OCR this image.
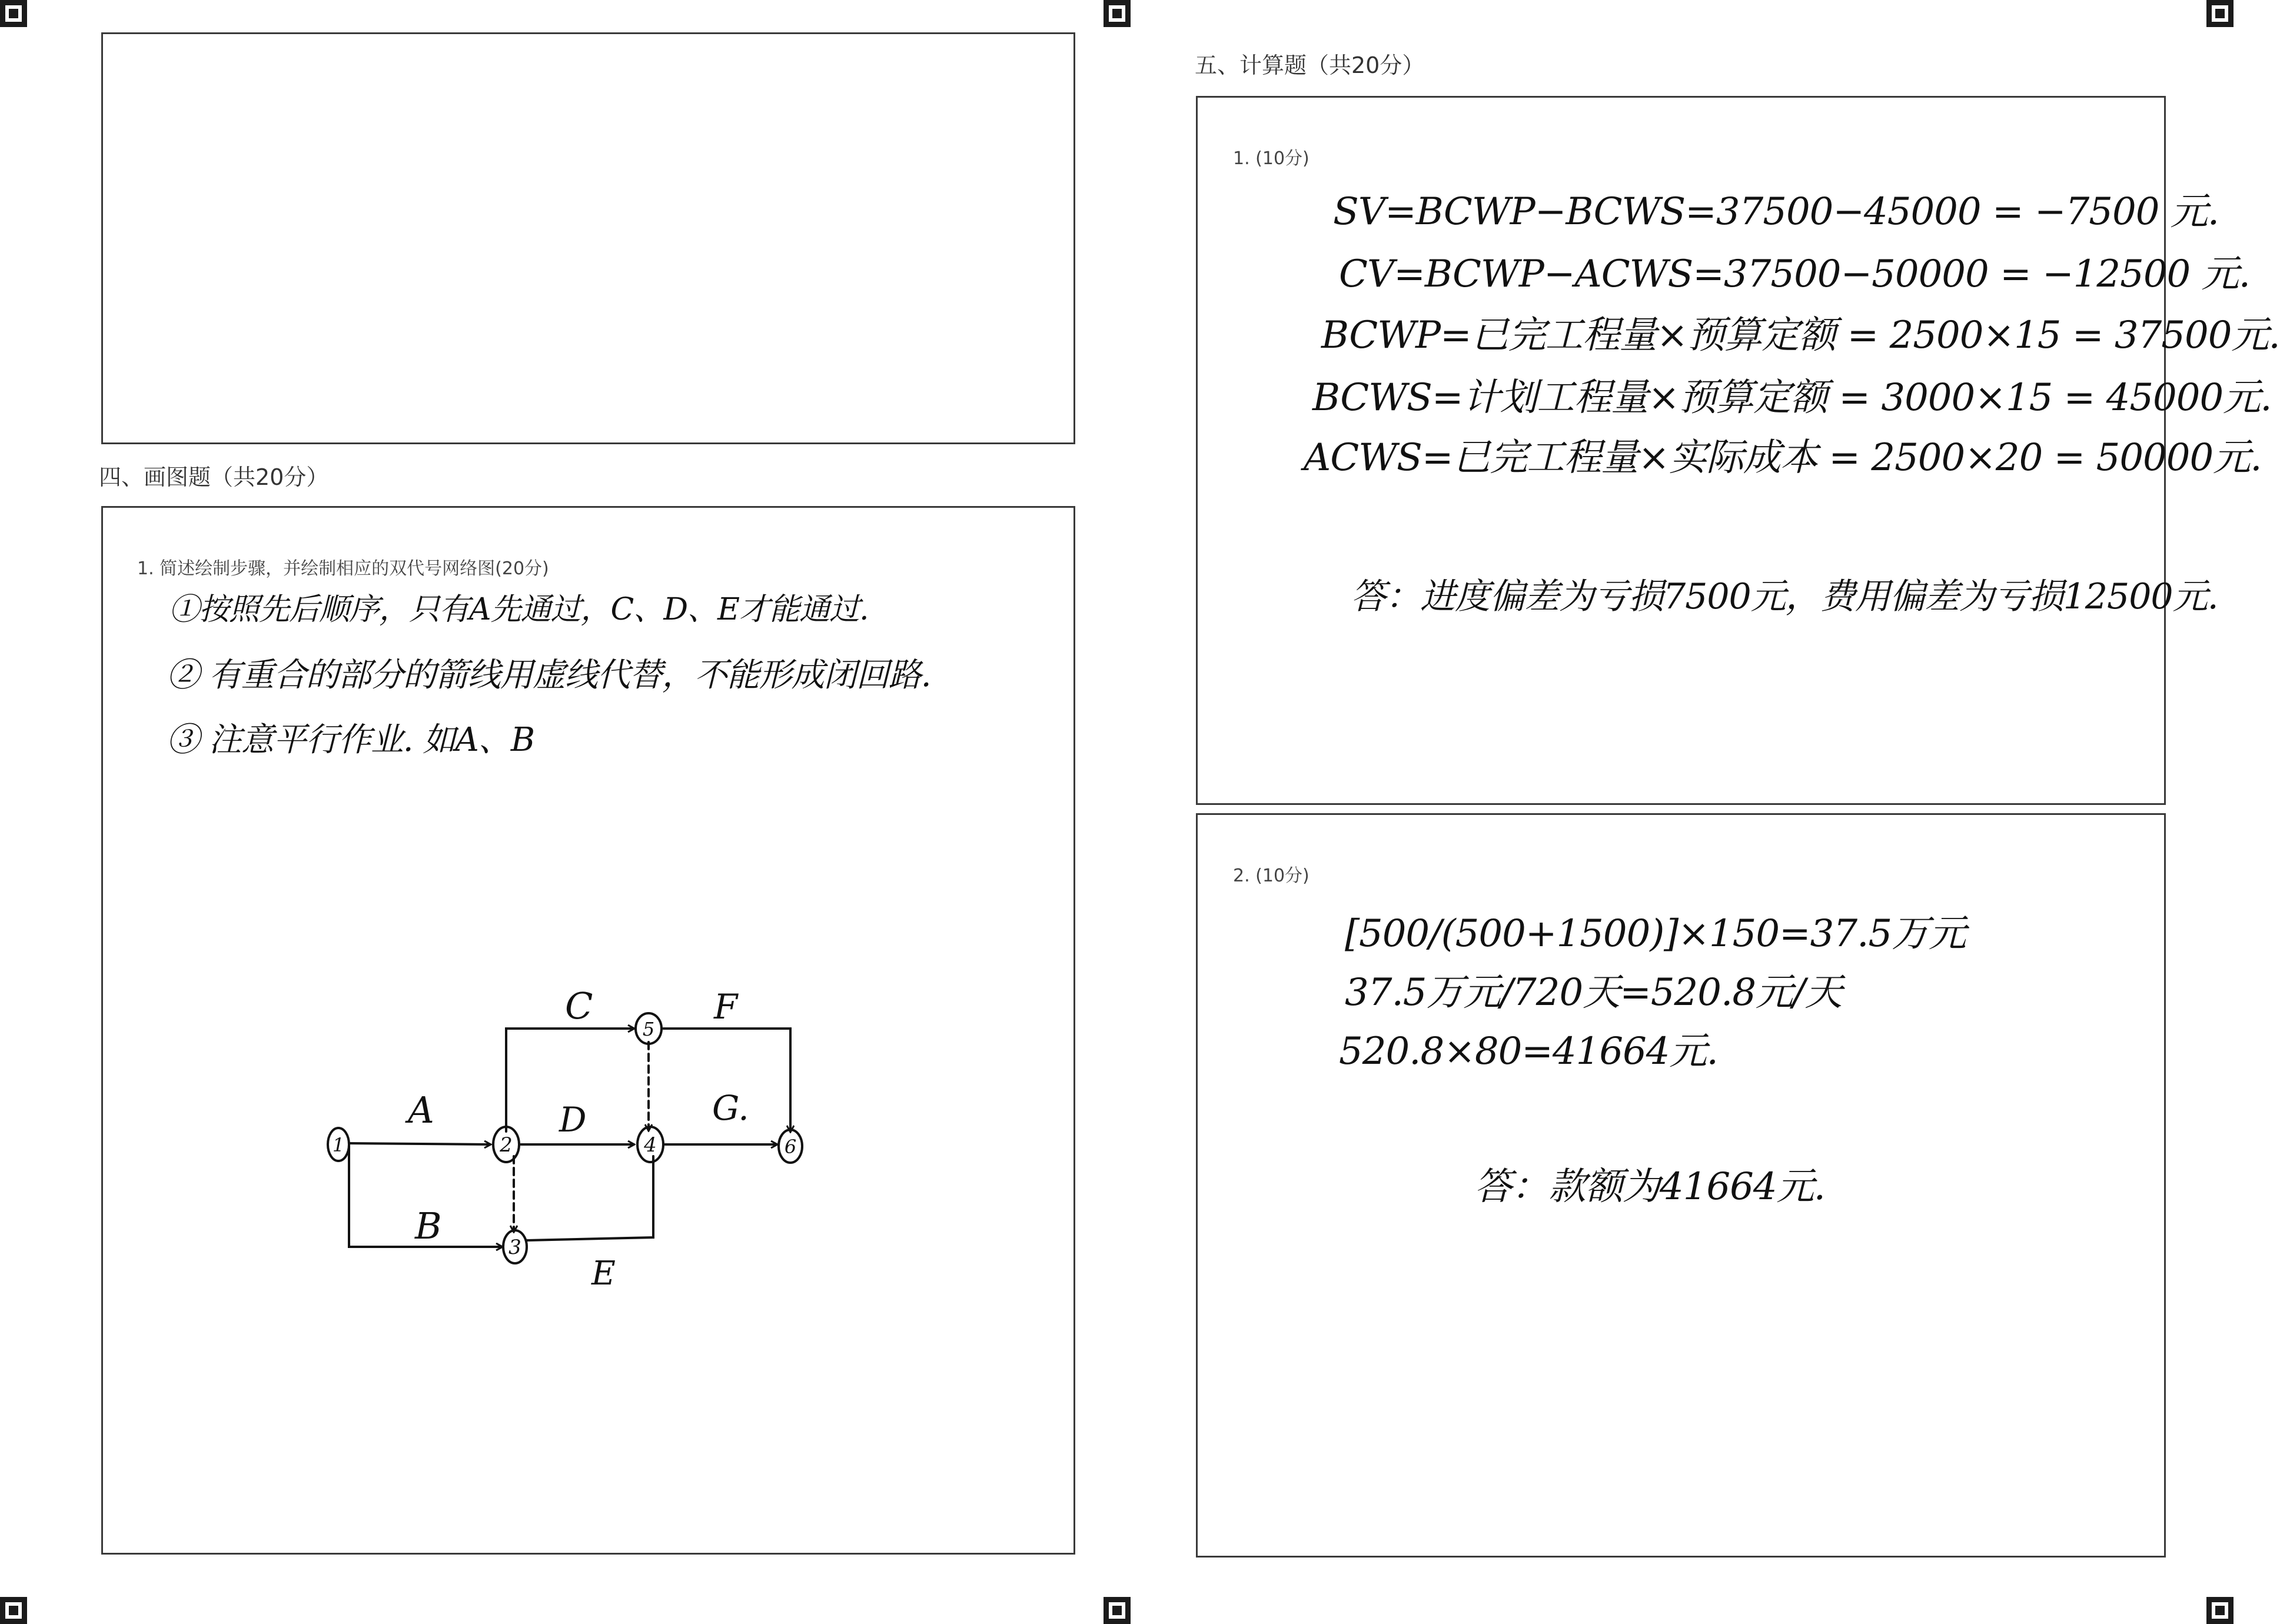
四、画图题（共20分）
1. 简述绘制步骤，并绘制相应的双代号网络图(20分)
①按照先后顺序，只有A先通过，C、D、E才能通过.
② 有重合的部分的箭线用虚线代替，不能形成闭回路.
③ 注意平行作业. 如A、B
1	2
3
4
5
6
A
B
C
D
E
F
G.
五、计算题（共20分）
1. (10分)
SV=BCWP−BCWS=37500−45000 = −7500 元.
CV=BCWP−ACWS=37500−50000 = −12500 元.
BCWP=已完工程量×预算定额 = 2500×15 = 37500元.
BCWS=计划工程量×预算定额 = 3000×15 = 45000元.
ACWS=已完工程量×实际成本 = 2500×20 = 50000元.
答：进度偏差为亏损7500元，费用偏差为亏损12500元.
2. (10分)
[500/(500+1500)]×150=37.5万元
37.5万元/720天=520.8元/天
520.8×80=41664元.
答：款额为41664元.
